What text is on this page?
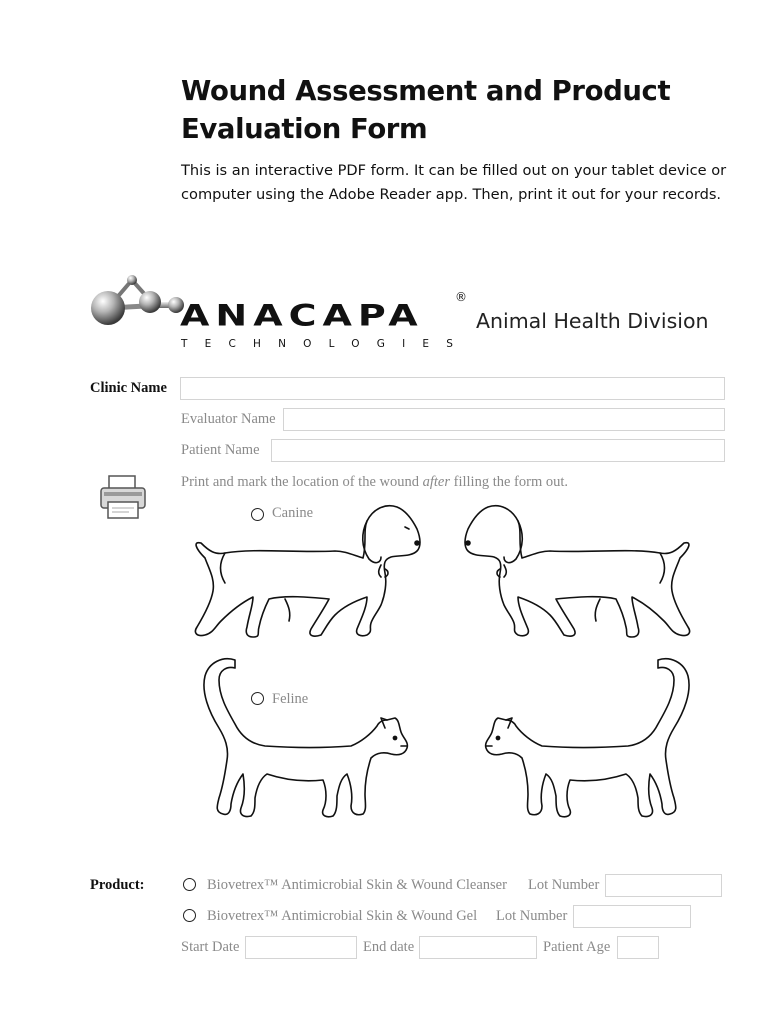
Wound Assessment and Product
Evaluation Form
This is an interactive PDF form. It can be filled out on your tablet device or
computer using the Adobe Reader app. Then, print it out for your records.
ANACAPA
®
Animal Health Division
TECHNOLOGIES
Clinic Name
Evaluator Name
Patient Name
Print and mark the location of the wound after filling the form out.
Canine
Feline
Product:	Biovetrex™ Antimicrobial Skin & Wound Cleanser Lot Number
Biovetrex™ Antimicrobial Skin & Wound Gel Lot Number
Start Date	End date	Patient Age
